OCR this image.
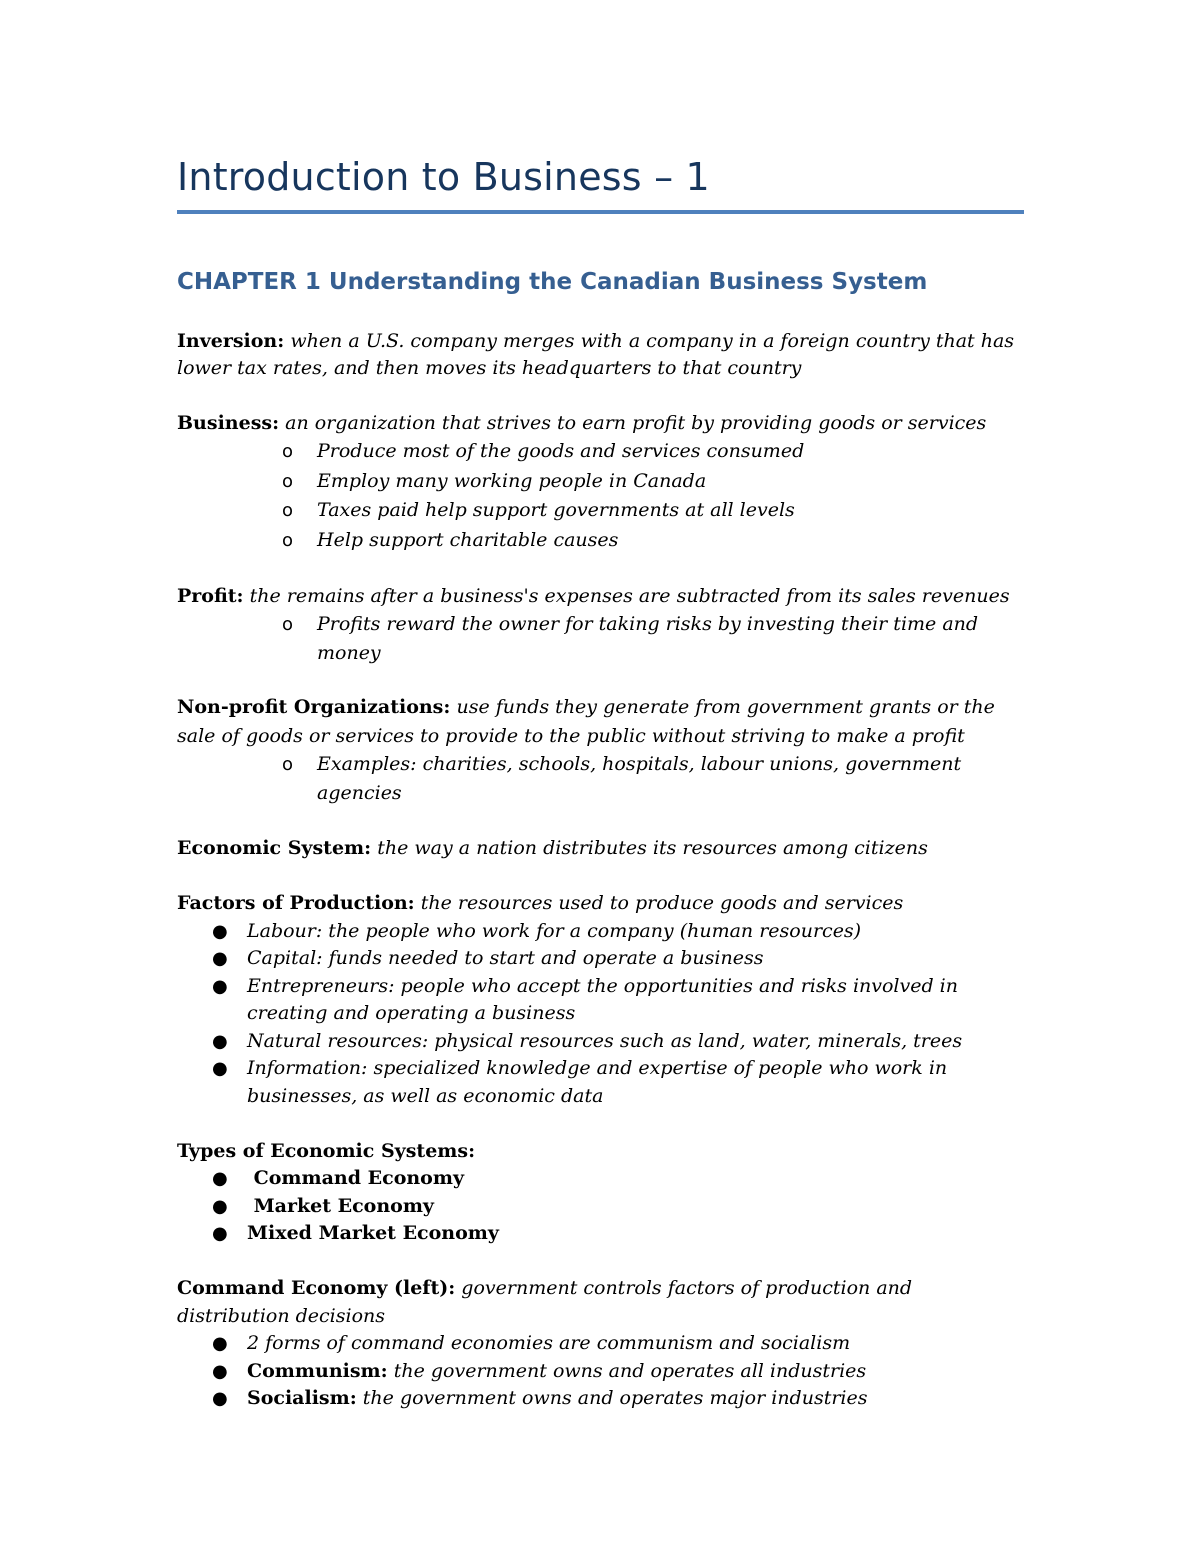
Introduction to Business – 1
CHAPTER 1 Understanding the Canadian Business System
Inversion: when a U.S. company merges with a company in a foreign country that has
lower tax rates, and then moves its headquarters to that country
Business: an organization that strives to earn profit by providing goods or services
o Produce most of the goods and services consumed
o Employ many working people in Canada
o Taxes paid help support governments at all levels
o Help support charitable causes
Profit: the remains after a business's expenses are subtracted from its sales revenues
o Profits reward the owner for taking risks by investing their time and
money
Non-profit Organizations: use funds they generate from government grants or the
sale of goods or services to provide to the public without striving to make a profit
o Examples: charities, schools, hospitals, labour unions, government
agencies
Economic System: the way a nation distributes its resources among citizens
Factors of Production: the resources used to produce goods and services
● Labour: the people who work for a company (human resources)
● Capital: funds needed to start and operate a business
● Entrepreneurs: people who accept the opportunities and risks involved in
creating and operating a business
● Natural resources: physical resources such as land, water, minerals, trees
● Information: specialized knowledge and expertise of people who work in
businesses, as well as economic data
Types of Economic Systems:
● Command Economy
● Market Economy
● Mixed Market Economy
Command Economy (left): government controls factors of production and
distribution decisions
● 2 forms of command economies are communism and socialism
● Communism: the government owns and operates all industries
● Socialism: the government owns and operates major industries
